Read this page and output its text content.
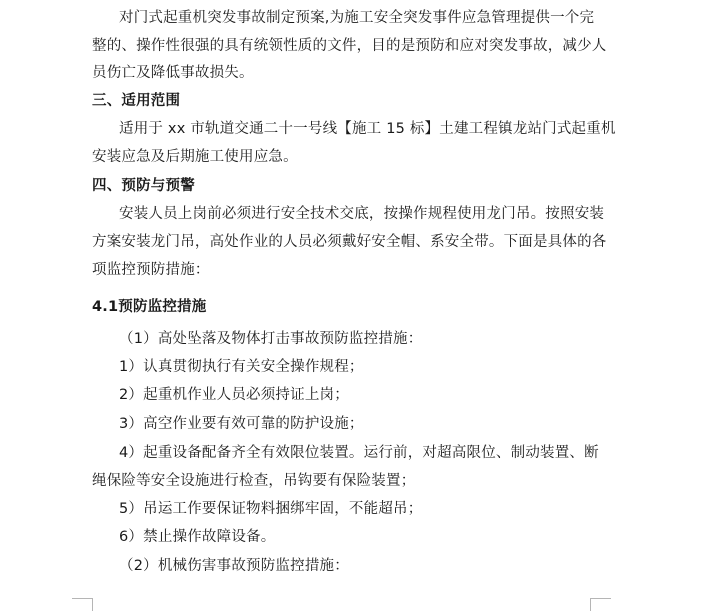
对门式起重机突发事故制定预案,为施工安全突发事件应急管理提供一个完
整的、操作性很强的具有统领性质的文件，目的是预防和应对突发事故，减少人
员伤亡及降低事故损失。
三、适用范围
适用于 xx 市轨道交通二十一号线【施工 15 标】土建工程镇龙站门式起重机
安装应急及后期施工使用应急。
四、预防与预警
安装人员上岗前必须进行安全技术交底，按操作规程使用龙门吊。按照安装
方案安装龙门吊，高处作业的人员必须戴好安全帽、系安全带。下面是具体的各
项监控预防措施：
4.1预防监控措施
（1）高处坠落及物体打击事故预防监控措施：
1）认真贯彻执行有关安全操作规程；
2）起重机作业人员必须持证上岗；
3）高空作业要有效可靠的防护设施；
4）起重设备配备齐全有效限位装置。运行前，对超高限位、制动装置、断
绳保险等安全设施进行检查，吊钩要有保险装置；
5）吊运工作要保证物料捆绑牢固，不能超吊；
6）禁止操作故障设备。
（2）机械伤害事故预防监控措施：
